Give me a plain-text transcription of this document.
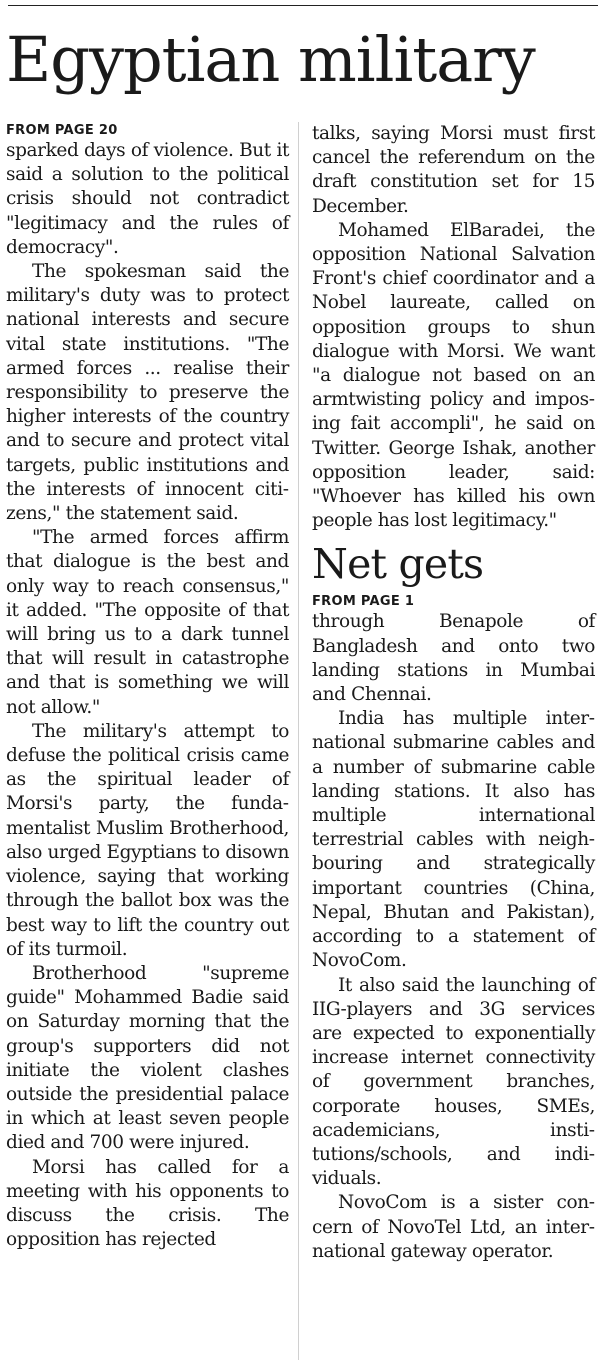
Egyptian military

FROM PAGE 20

sparked days of violence. But it said a solution to the political crisis should not contradict "legitimacy and the rules of democracy".

The spokesman said the military's duty was to protect national interests and secure vital state institutions. "The armed forces ... realise their responsibility to preserve the higher interests of the country and to secure and protect vital targets, public institutions and the interests of innocent citizens," the statement said.

"The armed forces affirm that dialogue is the best and only way to reach consensus," it added. "The opposite of that will bring us to a dark tunnel that will result in catastrophe and that is something we will not allow."

The military's attempt to defuse the political crisis came as the spiritual leader of Morsi's party, the fundamentalist Muslim Brotherhood, also urged Egyptians to disown violence, saying that working through the ballot box was the best way to lift the country out of its turmoil.

Brotherhood "supreme guide" Mohammed Badie said on Saturday morning that the group's supporters did not initiate the violent clashes outside the presidential palace in which at least seven people died and 700 were injured.

Morsi has called for a meeting with his opponents to discuss the crisis. The opposition has rejected

talks, saying Morsi must first cancel the referendum on the draft constitution set for 15 December.

Mohamed ElBaradei, the opposition National Salvation Front's chief coordinator and a Nobel laureate, called on opposition groups to shun dialogue with Morsi. We want "a dialogue not based on an armtwisting policy and imposing fait accompli", he said on Twitter. George Ishak, another opposition leader, said: "Whoever has killed his own people has lost legitimacy."

Net gets

FROM PAGE 1

through Benapole of Bangladesh and onto two landing stations in Mumbai and Chennai.

India has multiple international submarine cables and a number of submarine cable landing stations. It also has multiple international terrestrial cables with neighbouring and strategically important countries (China, Nepal, Bhutan and Pakistan), according to a statement of NovoCom.

It also said the launching of IIG-players and 3G services are expected to exponentially increase internet connectivity of government branches, corporate houses, SMEs, academicians, institutions/schools, and individuals.

NovoCom is a sister concern of NovoTel Ltd, an international gateway operator.
